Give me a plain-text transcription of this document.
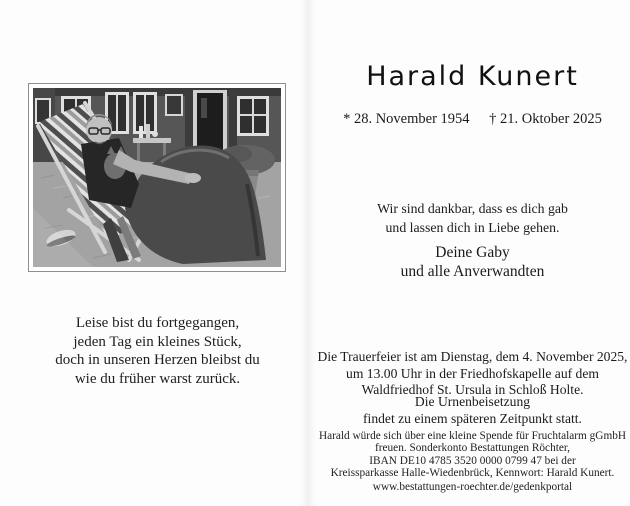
Leise bist du fortgegangen,
jeden Tag ein kleines Stück,
doch in unseren Herzen bleibst du
wie du früher warst zurück.
Harald Kunert
* 28. November 1954 † 21. Oktober 2025
Wir sind dankbar, dass es dich gab
und lassen dich in Liebe gehen.
Deine Gaby
und alle Anverwandten
Die Trauerfeier ist am Dienstag, dem 4. November 2025,
um 13.00 Uhr in der Friedhofskapelle auf dem
Waldfriedhof St. Ursula in Schloß Holte.
Die Urnenbeisetzung
findet zu einem späteren Zeitpunkt statt.
Harald würde sich über eine kleine Spende für Fruchtalarm gGmbH
freuen. Sonderkonto Bestattungen Röchter,
IBAN DE10 4785 3520 0000 0799 47 bei der
Kreissparkasse Halle-Wiedenbrück, Kennwort: Harald Kunert.
www.bestattungen-roechter.de/gedenkportal
